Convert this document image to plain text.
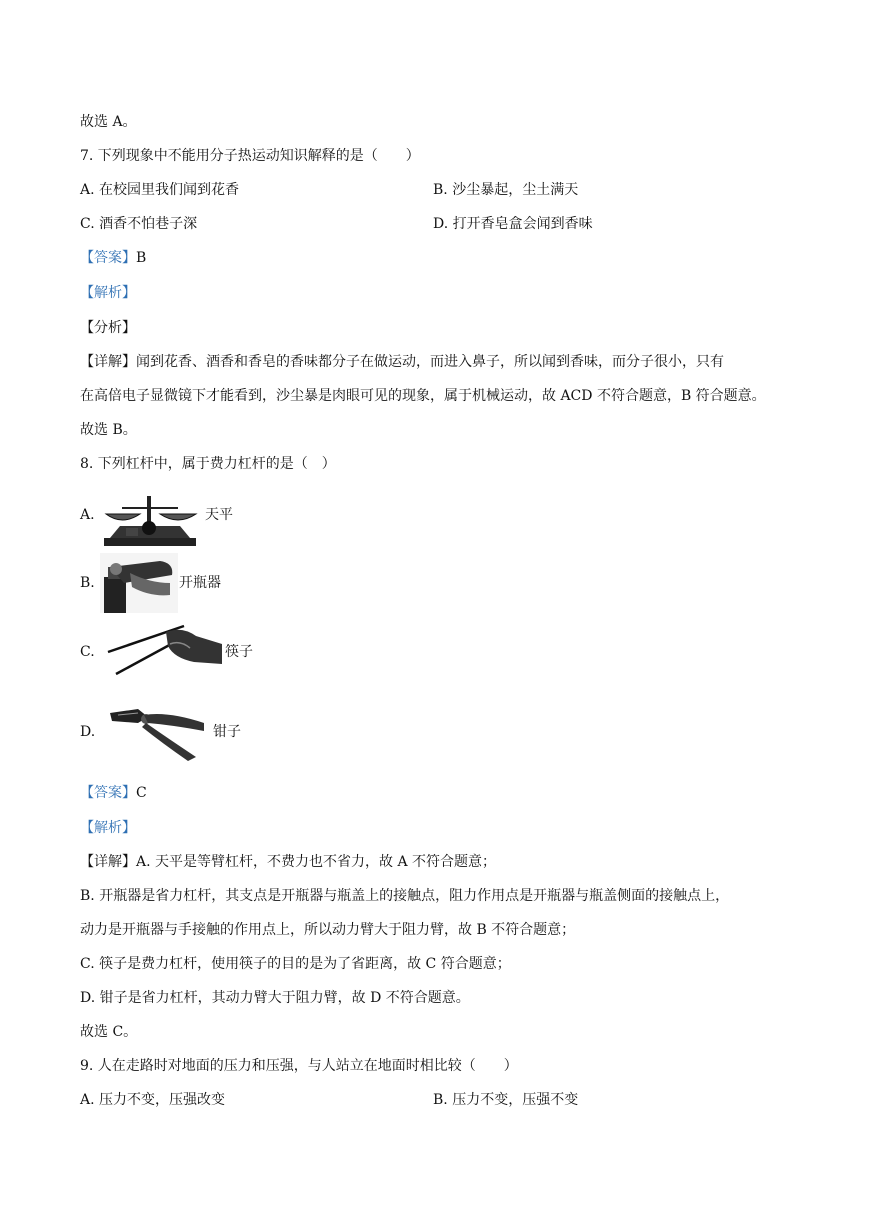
故选 A。
7. 下列现象中不能用分子热运动知识解释的是（　　）
A. 在校园里我们闻到花香	B. 沙尘暴起，尘土满天
C. 酒香不怕巷子深	D. 打开香皂盒会闻到香味
【答案】B
【解析】
【分析】
【详解】闻到花香、酒香和香皂的香味都分子在做运动，而进入鼻子，所以闻到香味，而分子很小，只有
在高倍电子显微镜下才能看到，沙尘暴是肉眼可见的现象，属于机械运动，故 ACD 不符合题意，B 符合题意。
故选 B。
8. 下列杠杆中，属于费力杠杆的是（　）
A.	天平
B.	开瓶器
C.	筷子
D.	钳子
【答案】C
【解析】
【详解】A. 天平是等臂杠杆，不费力也不省力，故 A 不符合题意；
B. 开瓶器是省力杠杆，其支点是开瓶器与瓶盖上的接触点，阻力作用点是开瓶器与瓶盖侧面的接触点上，
动力是开瓶器与手接触的作用点上，所以动力臂大于阻力臂，故 B 不符合题意；
C. 筷子是费力杠杆，使用筷子的目的是为了省距离，故 C 符合题意；
D. 钳子是省力杠杆，其动力臂大于阻力臂，故 D 不符合题意。
故选 C。
9. 人在走路时对地面的压力和压强，与人站立在地面时相比较（　　）
A. 压力不变，压强改变	B. 压力不变，压强不变
